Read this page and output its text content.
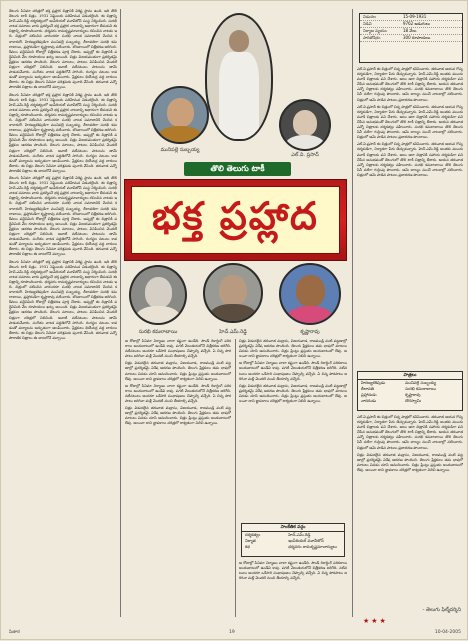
తెలుగు సినిమా చరిత్రలో భక్త ప్రహ్లాద చిత్రానికి విశిష్ట స్థానం ఉంది. ఇది తొలి తెలుగు టాకీ చిత్రం. 1931 సెప్టెంబరు పదిహేనున విడుదలైంది. ఈ చిత్రాన్ని హెచ్.ఎమ్.రెడ్డి దర్శకత్వంలో ఇంపీరియల్ మూవీటోన్ సంస్థ నిర్మించింది. సురభి నాటక సమాజం వారు ప్రదర్శించే భక్త ప్రహ్లాద నాటకాన్ని ఆధారంగా తీసుకుని ఈ చిత్రాన్ని రూపొందించారు. ధర్మవరం రామకృష్ణమాచార్యులు రచించిన నాటకం ఇది. చిత్రంలో నటించిన వారందరూ సురభి నాటక సమాజానికి చెందిన కళాకారులే. హిరణ్యకశిపుడిగా మునిపల్లె సుబ్బయ్య, లీలావతిగా సురభి కమలాబాయి, ప్రహ్లాదుడిగా కృష్ణారావు నటించారు. బొంబాయిలో చిత్రీకరణ జరిగింది. కేవలం పద్దెనిమిది రోజుల్లో చిత్రీకరణ పూర్తి చేశారు. అప్పట్లో ఈ చిత్రానికి పద్దెనిమిది వేల రూపాయలు ఖర్చు అయింది. చిత్రం విజయవంతంగా ప్రదర్శితమై ప్రేక్షకుల ఆదరణ పొందింది. తెలుగు మాటలు, పాటలు వినిపించిన మొదటి చిత్రంగా చరిత్రలో నిలిచింది. ఆనాటి నటీనటులు పాటలను తామే పాడుకునేవారు. సంగీతం నాటక పద్ధతిలోనే సాగింది. రంగస్థల నటులు కావడంతో పద్యాలను అద్భుతంగా ఆలపించారు. ప్రేక్షకులు థియేటర్ల వద్ద బారులు తీరారు. ఈ చిత్రం తెలుగు సినిమా పరిశ్రమకు పునాది వేసింది. తరువాత ఎన్నో పౌరాణిక చిత్రాలు ఈ బాటలోనే వచ్చాయి.

తెలుగు సినిమా చరిత్రలో భక్త ప్రహ్లాద చిత్రానికి విశిష్ట స్థానం ఉంది. ఇది తొలి తెలుగు టాకీ చిత్రం. 1931 సెప్టెంబరు పదిహేనున విడుదలైంది. ఈ చిత్రాన్ని హెచ్.ఎమ్.రెడ్డి దర్శకత్వంలో ఇంపీరియల్ మూవీటోన్ సంస్థ నిర్మించింది. సురభి నాటక సమాజం వారు ప్రదర్శించే భక్త ప్రహ్లాద నాటకాన్ని ఆధారంగా తీసుకుని ఈ చిత్రాన్ని రూపొందించారు. ధర్మవరం రామకృష్ణమాచార్యులు రచించిన నాటకం ఇది. చిత్రంలో నటించిన వారందరూ సురభి నాటక సమాజానికి చెందిన కళాకారులే. హిరణ్యకశిపుడిగా మునిపల్లె సుబ్బయ్య, లీలావతిగా సురభి కమలాబాయి, ప్రహ్లాదుడిగా కృష్ణారావు నటించారు. బొంబాయిలో చిత్రీకరణ జరిగింది. కేవలం పద్దెనిమిది రోజుల్లో చిత్రీకరణ పూర్తి చేశారు. అప్పట్లో ఈ చిత్రానికి పద్దెనిమిది వేల రూపాయలు ఖర్చు అయింది. చిత్రం విజయవంతంగా ప్రదర్శితమై ప్రేక్షకుల ఆదరణ పొందింది. తెలుగు మాటలు, పాటలు వినిపించిన మొదటి చిత్రంగా చరిత్రలో నిలిచింది. ఆనాటి నటీనటులు పాటలను తామే పాడుకునేవారు. సంగీతం నాటక పద్ధతిలోనే సాగింది. రంగస్థల నటులు కావడంతో పద్యాలను అద్భుతంగా ఆలపించారు. ప్రేక్షకులు థియేటర్ల వద్ద బారులు తీరారు. ఈ చిత్రం తెలుగు సినిమా పరిశ్రమకు పునాది వేసింది. తరువాత ఎన్నో పౌరాణిక చిత్రాలు ఈ బాటలోనే వచ్చాయి.

తెలుగు సినిమా చరిత్రలో భక్త ప్రహ్లాద చిత్రానికి విశిష్ట స్థానం ఉంది. ఇది తొలి తెలుగు టాకీ చిత్రం. 1931 సెప్టెంబరు పదిహేనున విడుదలైంది. ఈ చిత్రాన్ని హెచ్.ఎమ్.రెడ్డి దర్శకత్వంలో ఇంపీరియల్ మూవీటోన్ సంస్థ నిర్మించింది. సురభి నాటక సమాజం వారు ప్రదర్శించే భక్త ప్రహ్లాద నాటకాన్ని ఆధారంగా తీసుకుని ఈ చిత్రాన్ని రూపొందించారు. ధర్మవరం రామకృష్ణమాచార్యులు రచించిన నాటకం ఇది. చిత్రంలో నటించిన వారందరూ సురభి నాటక సమాజానికి చెందిన కళాకారులే. హిరణ్యకశిపుడిగా మునిపల్లె సుబ్బయ్య, లీలావతిగా సురభి కమలాబాయి, ప్రహ్లాదుడిగా కృష్ణారావు నటించారు. బొంబాయిలో చిత్రీకరణ జరిగింది. కేవలం పద్దెనిమిది రోజుల్లో చిత్రీకరణ పూర్తి చేశారు. అప్పట్లో ఈ చిత్రానికి పద్దెనిమిది వేల రూపాయలు ఖర్చు అయింది. చిత్రం విజయవంతంగా ప్రదర్శితమై ప్రేక్షకుల ఆదరణ పొందింది. తెలుగు మాటలు, పాటలు వినిపించిన మొదటి చిత్రంగా చరిత్రలో నిలిచింది. ఆనాటి నటీనటులు పాటలను తామే పాడుకునేవారు. సంగీతం నాటక పద్ధతిలోనే సాగింది. రంగస్థల నటులు కావడంతో పద్యాలను అద్భుతంగా ఆలపించారు. ప్రేక్షకులు థియేటర్ల వద్ద బారులు తీరారు. ఈ చిత్రం తెలుగు సినిమా పరిశ్రమకు పునాది వేసింది. తరువాత ఎన్నో పౌరాణిక చిత్రాలు ఈ బాటలోనే వచ్చాయి.

తెలుగు సినిమా చరిత్రలో భక్త ప్రహ్లాద చిత్రానికి విశిష్ట స్థానం ఉంది. ఇది తొలి తెలుగు టాకీ చిత్రం. 1931 సెప్టెంబరు పదిహేనున విడుదలైంది. ఈ చిత్రాన్ని హెచ్.ఎమ్.రెడ్డి దర్శకత్వంలో ఇంపీరియల్ మూవీటోన్ సంస్థ నిర్మించింది. సురభి నాటక సమాజం వారు ప్రదర్శించే భక్త ప్రహ్లాద నాటకాన్ని ఆధారంగా తీసుకుని ఈ చిత్రాన్ని రూపొందించారు. ధర్మవరం రామకృష్ణమాచార్యులు రచించిన నాటకం ఇది. చిత్రంలో నటించిన వారందరూ సురభి నాటక సమాజానికి చెందిన కళాకారులే. హిరణ్యకశిపుడిగా మునిపల్లె సుబ్బయ్య, లీలావతిగా సురభి కమలాబాయి, ప్రహ్లాదుడిగా కృష్ణారావు నటించారు. బొంబాయిలో చిత్రీకరణ జరిగింది. కేవలం పద్దెనిమిది రోజుల్లో చిత్రీకరణ పూర్తి చేశారు. అప్పట్లో ఈ చిత్రానికి పద్దెనిమిది వేల రూపాయలు ఖర్చు అయింది. చిత్రం విజయవంతంగా ప్రదర్శితమై ప్రేక్షకుల ఆదరణ పొందింది. తెలుగు మాటలు, పాటలు వినిపించిన మొదటి చిత్రంగా చరిత్రలో నిలిచింది. ఆనాటి నటీనటులు పాటలను తామే పాడుకునేవారు. సంగీతం నాటక పద్ధతిలోనే సాగింది. రంగస్థల నటులు కావడంతో పద్యాలను అద్భుతంగా ఆలపించారు. ప్రేక్షకులు థియేటర్ల వద్ద బారులు తీరారు. ఈ చిత్రం తెలుగు సినిమా పరిశ్రమకు పునాది వేసింది. తరువాత ఎన్నో పౌరాణిక చిత్రాలు ఈ బాటలోనే వచ్చాయి.

మునిపల్లె సుబ్బయ్య
ఎల్.వి. ప్రసాద్
తొలి తెలుగు టాకీ
భక్త ప్రహ్లాద
సురభి కమలాబాయి	హెచ్.ఎమ్.రెడ్డి	కృష్ణారావు

ఆ రోజుల్లో సినిమా నిర్మాణం చాలా కష్టంగా ఉండేది. సౌండ్ రికార్డింగ్ పరికరాలు అందుబాటులో ఉండేవి కావు. పగటి వెలుతురులోనే చిత్రీకరణ జరిగేది. నటీనటులు అందరూ ఒకేసారి సంభాషణలు చెప్పాల్సి వచ్చేది. ఏ చిన్న పొరపాటు జరిగినా మళ్లీ మొదటి నుంచి తీయాల్సి వచ్చేది.

చిత్రం విడుదలైన తరువాత మద్రాసు, విజయవాడ, రాజమండ్రి వంటి పట్టణాల్లో ప్రదర్శితమై విశేష ఆదరణ పొందింది. తెలుగు ప్రేక్షకులు తమ భాషలో మాటలు వినడం చూసి ఆనందించారు. చిత్రం ప్రింట్లు ప్రస్తుతం అందుబాటులో లేవు. అయినా దాని జ్ఞాపకాలు చరిత్రలో శాశ్వతంగా నిలిచి ఉన్నాయి.

ఆ రోజుల్లో సినిమా నిర్మాణం చాలా కష్టంగా ఉండేది. సౌండ్ రికార్డింగ్ పరికరాలు అందుబాటులో ఉండేవి కావు. పగటి వెలుతురులోనే చిత్రీకరణ జరిగేది. నటీనటులు అందరూ ఒకేసారి సంభాషణలు చెప్పాల్సి వచ్చేది. ఏ చిన్న పొరపాటు జరిగినా మళ్లీ మొదటి నుంచి తీయాల్సి వచ్చేది.

చిత్రం విడుదలైన తరువాత మద్రాసు, విజయవాడ, రాజమండ్రి వంటి పట్టణాల్లో ప్రదర్శితమై విశేష ఆదరణ పొందింది. తెలుగు ప్రేక్షకులు తమ భాషలో మాటలు వినడం చూసి ఆనందించారు. చిత్రం ప్రింట్లు ప్రస్తుతం అందుబాటులో లేవు. అయినా దాని జ్ఞాపకాలు చరిత్రలో శాశ్వతంగా నిలిచి ఉన్నాయి.

చిత్రం విడుదలైన తరువాత మద్రాసు, విజయవాడ, రాజమండ్రి వంటి పట్టణాల్లో ప్రదర్శితమై విశేష ఆదరణ పొందింది. తెలుగు ప్రేక్షకులు తమ భాషలో మాటలు వినడం చూసి ఆనందించారు. చిత్రం ప్రింట్లు ప్రస్తుతం అందుబాటులో లేవు. అయినా దాని జ్ఞాపకాలు చరిత్రలో శాశ్వతంగా నిలిచి ఉన్నాయి.

ఆ రోజుల్లో సినిమా నిర్మాణం చాలా కష్టంగా ఉండేది. సౌండ్ రికార్డింగ్ పరికరాలు అందుబాటులో ఉండేవి కావు. పగటి వెలుతురులోనే చిత్రీకరణ జరిగేది. నటీనటులు అందరూ ఒకేసారి సంభాషణలు చెప్పాల్సి వచ్చేది. ఏ చిన్న పొరపాటు జరిగినా మళ్లీ మొదటి నుంచి తీయాల్సి వచ్చేది.

చిత్రం విడుదలైన తరువాత మద్రాసు, విజయవాడ, రాజమండ్రి వంటి పట్టణాల్లో ప్రదర్శితమై విశేష ఆదరణ పొందింది. తెలుగు ప్రేక్షకులు తమ భాషలో మాటలు వినడం చూసి ఆనందించారు. చిత్రం ప్రింట్లు ప్రస్తుతం అందుబాటులో లేవు. అయినా దాని జ్ఞాపకాలు చరిత్రలో శాశ్వతంగా నిలిచి ఉన్నాయి.

సాంకేతిక వర్గం
దర్శకత్వం	హెచ్.ఎమ్.రెడ్డి
నిర్మాత	ఇంపీరియల్ మూవీటోన్
కథ	ధర్మవరం రామకృష్ణమాచార్యులు

ఆ రోజుల్లో సినిమా నిర్మాణం చాలా కష్టంగా ఉండేది. సౌండ్ రికార్డింగ్ పరికరాలు అందుబాటులో ఉండేవి కావు. పగటి వెలుతురులోనే చిత్రీకరణ జరిగేది. నటీనటులు అందరూ ఒకేసారి సంభాషణలు చెప్పాల్సి వచ్చేది. ఏ చిన్న పొరపాటు జరిగినా మళ్లీ మొదటి నుంచి తీయాల్సి వచ్చేది.

విడుదల	15-09-1931
నిడివి	9762 అడుగులు
నిర్మాణ వ్యయం	18 వేలు
పారితోషికం	300 రూపాయలు

ఎల్.వి.ప్రసాద్ ఈ చిత్రంలో చిన్న పాత్రలో కనిపించారు. తరువాత ఆయన గొప్ప దర్శకుడిగా, నిర్మాతగా పేరు తెచ్చుకున్నారు. హెచ్.ఎమ్.రెడ్డి అంతకు ముందు మూకీ చిత్రాలకు పని చేశారు. ఆలం ఆరా చిత్రానికి సహాయ దర్శకుడిగా పని చేసిన అనుభవంతో తెలుగులో తొలి టాకీ చిత్రాన్ని తీశారు. ఆయన తరువాత ఎన్నో చిత్రాలకు దర్శకత్వం వహించారు. సురభి కమలాబాయి తొలి తెలుగు సినీ నటిగా గుర్తింపు పొందారు. ఆమె బాల్యం నుంచే నాటకాల్లో నటించారు. చిత్రంలో ఆమె పాడిన పాటలు ప్రజాదరణ పొందాయి.

ఎల్.వి.ప్రసాద్ ఈ చిత్రంలో చిన్న పాత్రలో కనిపించారు. తరువాత ఆయన గొప్ప దర్శకుడిగా, నిర్మాతగా పేరు తెచ్చుకున్నారు. హెచ్.ఎమ్.రెడ్డి అంతకు ముందు మూకీ చిత్రాలకు పని చేశారు. ఆలం ఆరా చిత్రానికి సహాయ దర్శకుడిగా పని చేసిన అనుభవంతో తెలుగులో తొలి టాకీ చిత్రాన్ని తీశారు. ఆయన తరువాత ఎన్నో చిత్రాలకు దర్శకత్వం వహించారు. సురభి కమలాబాయి తొలి తెలుగు సినీ నటిగా గుర్తింపు పొందారు. ఆమె బాల్యం నుంచే నాటకాల్లో నటించారు. చిత్రంలో ఆమె పాడిన పాటలు ప్రజాదరణ పొందాయి.

ఎల్.వి.ప్రసాద్ ఈ చిత్రంలో చిన్న పాత్రలో కనిపించారు. తరువాత ఆయన గొప్ప దర్శకుడిగా, నిర్మాతగా పేరు తెచ్చుకున్నారు. హెచ్.ఎమ్.రెడ్డి అంతకు ముందు మూకీ చిత్రాలకు పని చేశారు. ఆలం ఆరా చిత్రానికి సహాయ దర్శకుడిగా పని చేసిన అనుభవంతో తెలుగులో తొలి టాకీ చిత్రాన్ని తీశారు. ఆయన తరువాత ఎన్నో చిత్రాలకు దర్శకత్వం వహించారు. సురభి కమలాబాయి తొలి తెలుగు సినీ నటిగా గుర్తింపు పొందారు. ఆమె బాల్యం నుంచే నాటకాల్లో నటించారు. చిత్రంలో ఆమె పాడిన పాటలు ప్రజాదరణ పొందాయి.

పాత్రలు
హిరణ్యకశిపుడు	మునిపల్లె సుబ్బయ్య
లీలావతి	సురభి కమలాబాయి
ప్రహ్లాదుడు	కృష్ణారావు
నారదుడు	దొరస్వామి

ఎల్.వి.ప్రసాద్ ఈ చిత్రంలో చిన్న పాత్రలో కనిపించారు. తరువాత ఆయన గొప్ప దర్శకుడిగా, నిర్మాతగా పేరు తెచ్చుకున్నారు. హెచ్.ఎమ్.రెడ్డి అంతకు ముందు మూకీ చిత్రాలకు పని చేశారు. ఆలం ఆరా చిత్రానికి సహాయ దర్శకుడిగా పని చేసిన అనుభవంతో తెలుగులో తొలి టాకీ చిత్రాన్ని తీశారు. ఆయన తరువాత ఎన్నో చిత్రాలకు దర్శకత్వం వహించారు. సురభి కమలాబాయి తొలి తెలుగు సినీ నటిగా గుర్తింపు పొందారు. ఆమె బాల్యం నుంచే నాటకాల్లో నటించారు. చిత్రంలో ఆమె పాడిన పాటలు ప్రజాదరణ పొందాయి.

చిత్రం విడుదలైన తరువాత మద్రాసు, విజయవాడ, రాజమండ్రి వంటి పట్టణాల్లో ప్రదర్శితమై విశేష ఆదరణ పొందింది. తెలుగు ప్రేక్షకులు తమ భాషలో మాటలు వినడం చూసి ఆనందించారు. చిత్రం ప్రింట్లు ప్రస్తుతం అందుబాటులో లేవు. అయినా దాని జ్ఞాపకాలు చరిత్రలో శాశ్వతంగా నిలిచి ఉన్నాయి.

- తెలుగు ఫిల్మ్‌దర్శిని
★★★
సితార	19	10-04-2005
